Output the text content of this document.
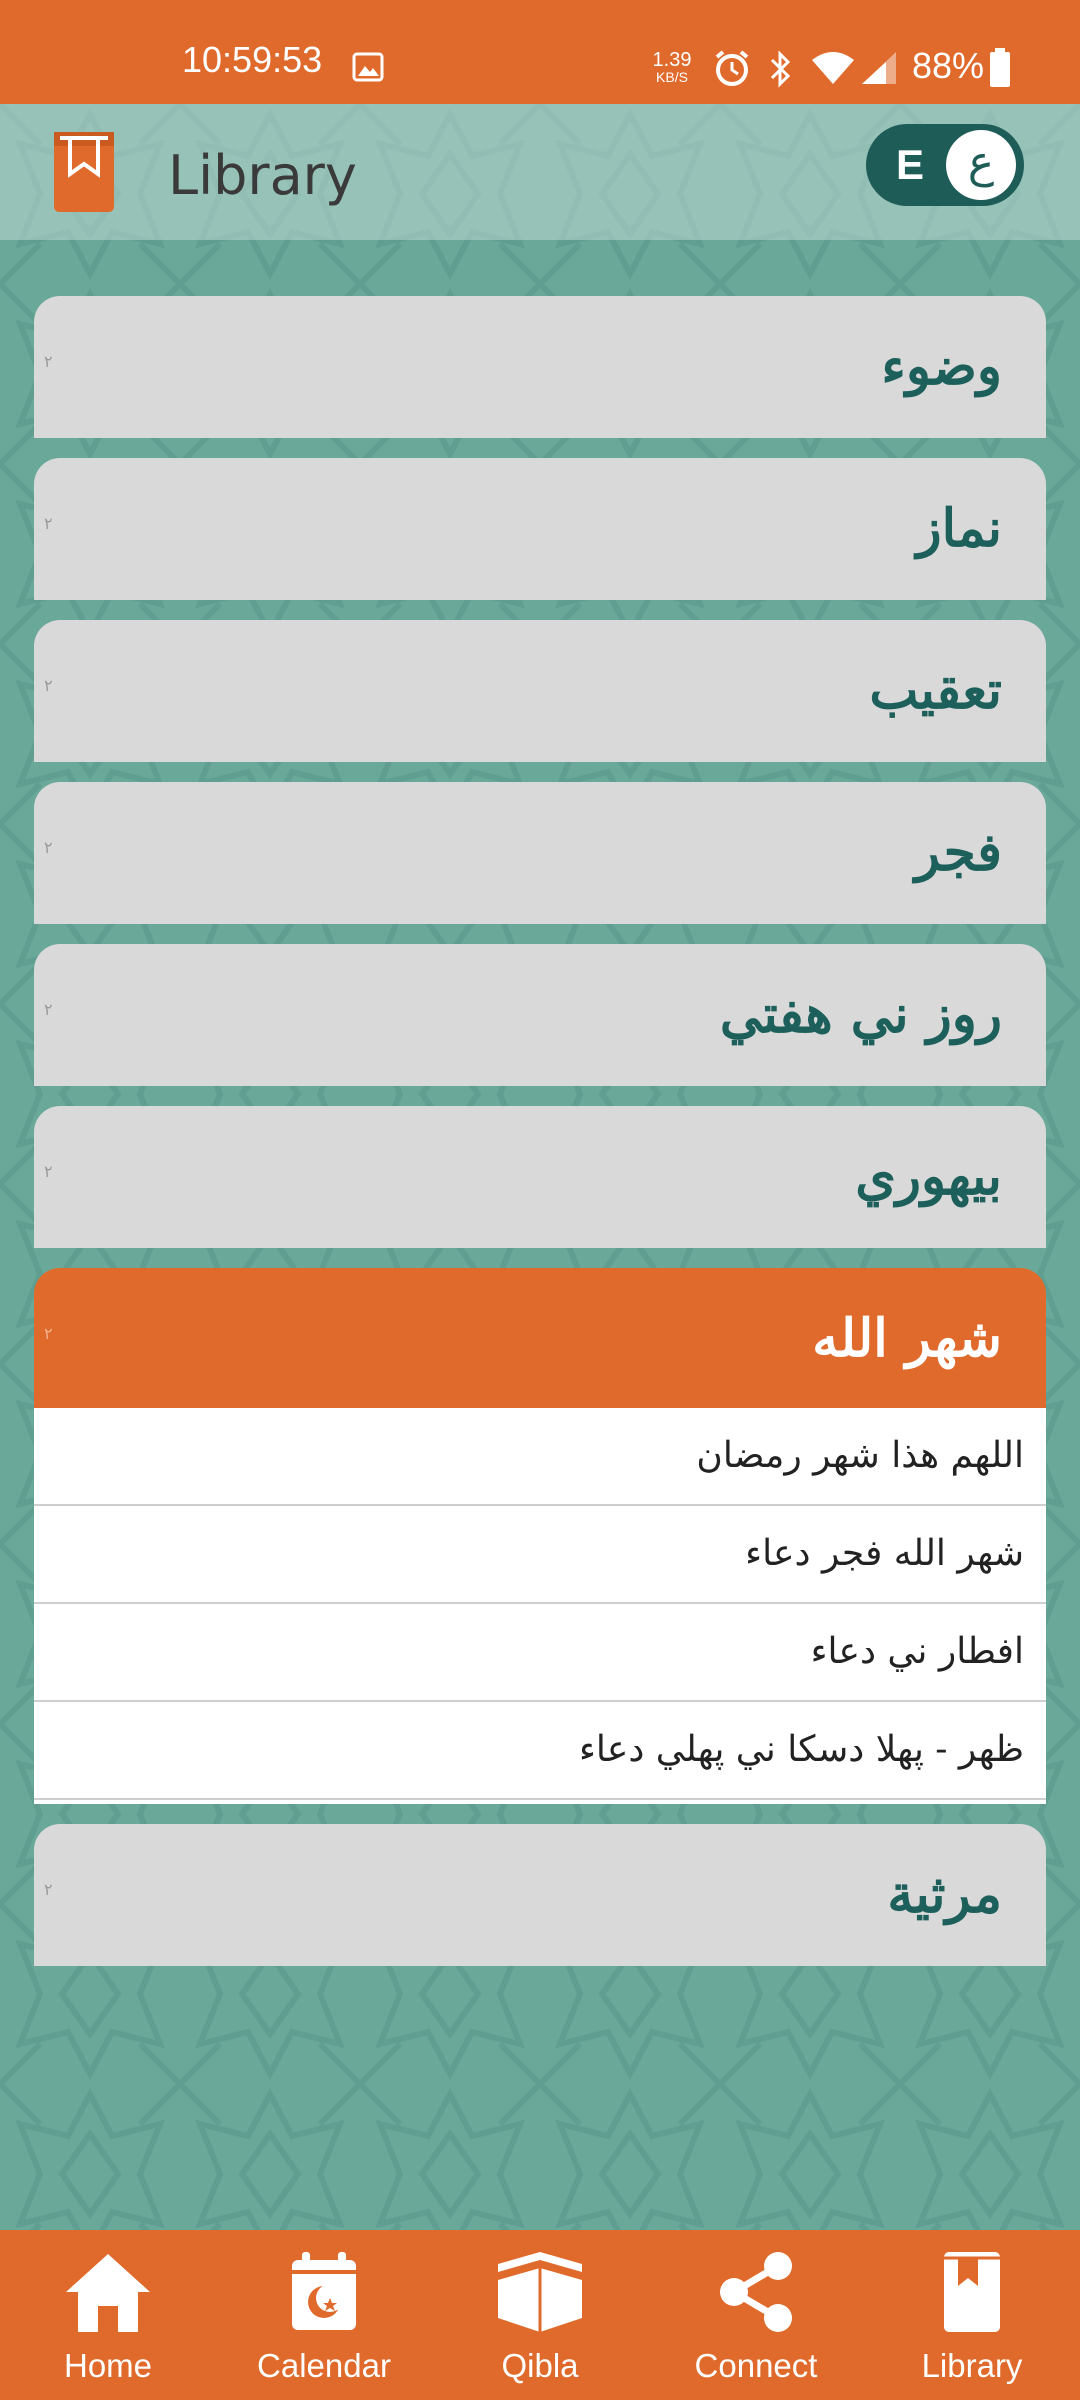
10:59:53	1.39
KB/S	88%
Library	E ع
٢	وضوء
٢	نماز
٢	تعقيب
٢	فجر
٢	روز ني هفتي
٢	بيهوري
٢	شهر الله
اللهم هذا شهر رمضان
شهر الله فجر دعاء
افطار ني دعاء
ظهر - پهلا دسكا ني پهلي دعاء
٢	مرثية
Home	Calendar	Qibla	Connect	Library
